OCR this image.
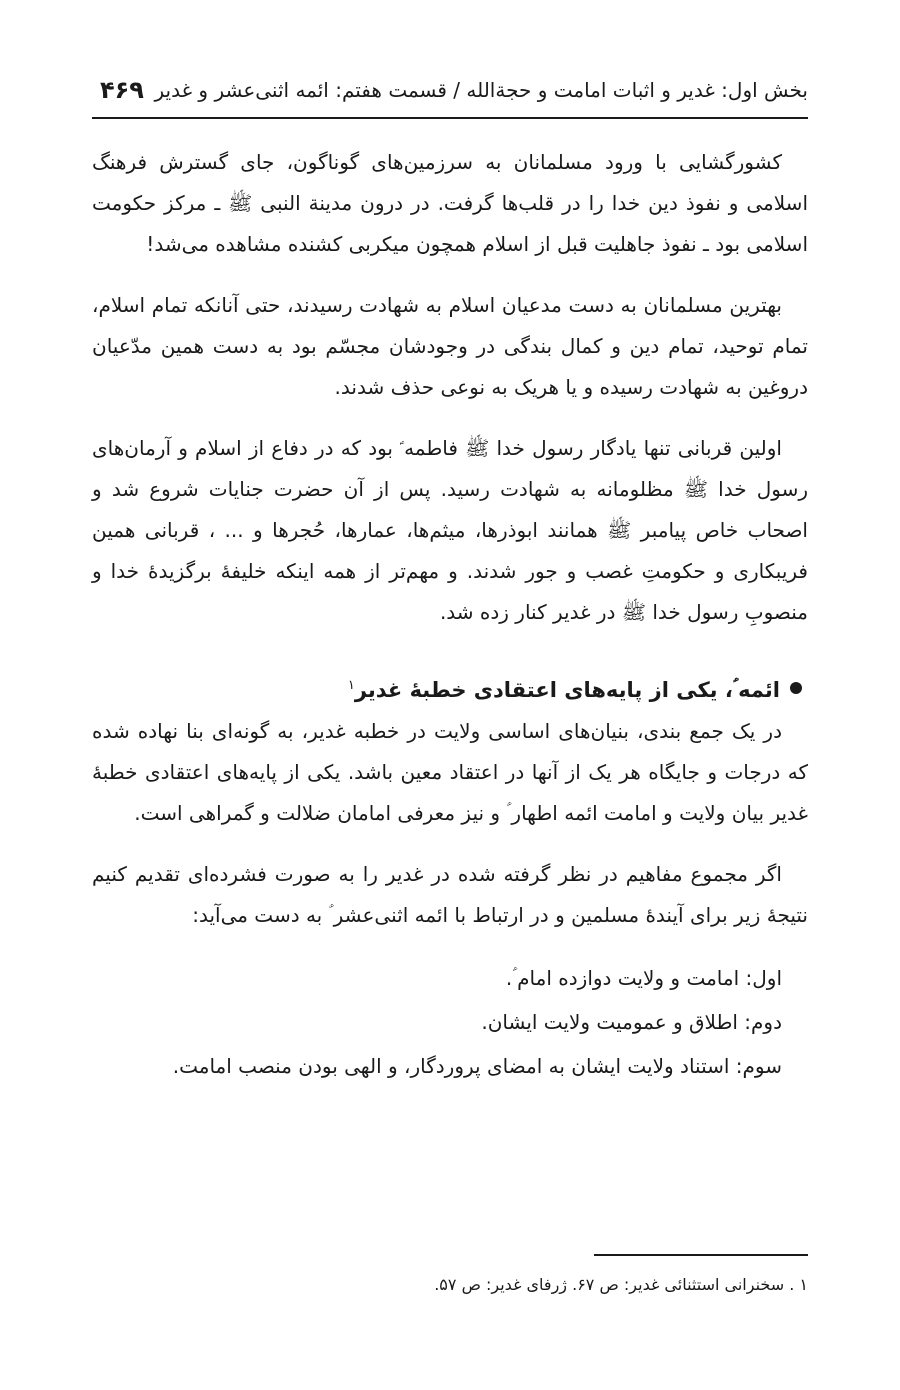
بخش اول: غدیر و اثبات امامت و حجةالله / قسمت هفتم: ائمه اثنی‌عشر و غدیر
۴۶۹

کشورگشایی با ورود مسلمانان به سرزمین‌های گوناگون، جای گسترش فرهنگ اسلامی و نفوذ دین خدا را در قلب‌ها گرفت. در درون مدینة النبی ﷺ ـ مرکز حکومت اسلامی بود ـ نفوذ جاهلیت قبل از اسلام همچون میکربی کشنده مشاهده می‌شد!

بهترین مسلمانان به دست مدعیان اسلام به شهادت رسیدند، حتی آنانکه تمام اسلام، تمام توحید، تمام دین و کمال بندگی در وجودشان مجسّم بود به دست همین مدّعیان دروغین به شهادت رسیده و یا هریک به نوعی حذف شدند.

اولین قربانی تنها یادگار رسول خدا ﷺ فاطمه ؑ بود که در دفاع از اسلام و آرمان‌های رسول خدا ﷺ مظلومانه به شهادت رسید. پس از آن حضرت جنایات شروع شد و اصحاب خاص پیامبر ﷺ همانند ابوذرها، میثم‌ها، عمارها، حُجرها و ... ، قربانی همین فریبکاری و حکومتِ غصب و جور شدند. و مهم‌تر از همه اینکه خلیفهٔ برگزیدهٔ خدا و منصوبِ رسول خدا ﷺ در غدیر کنار زده شد.

ائمه ؑ، یکی از پایه‌های اعتقادی خطبهٔ غدیر$^۱$

در یک جمع بندی، بنیان‌های اساسی ولایت در خطبه غدیر، به گونه‌ای بنا نهاده شده که درجات و جایگاه هر یک از آنها در اعتقاد معین باشد. یکی از پایه‌های اعتقادی خطبهٔ غدیر بیان ولایت و امامت ائمه اطهار ؑ و نیز معرفی امامان ضلالت و گمراهی است.

اگر مجموع مفاهیم در نظر گرفته شده در غدیر را به صورت فشرده‌ای تقدیم کنیم نتیجهٔ زیر برای آیندهٔ مسلمین و در ارتباط با ائمه اثنی‌عشر ؑ به دست می‌آید:

اول: امامت و ولایت دوازده امام ؑ.
دوم: اطلاق و عمومیت ولایت ایشان.
سوم: استناد ولایت ایشان به امضای پروردگار، و الهی بودن منصب امامت.
۱ . سخنرانی استثنائی غدیر: ص ۶۷. ژرفای غدیر: ص ۵۷.
